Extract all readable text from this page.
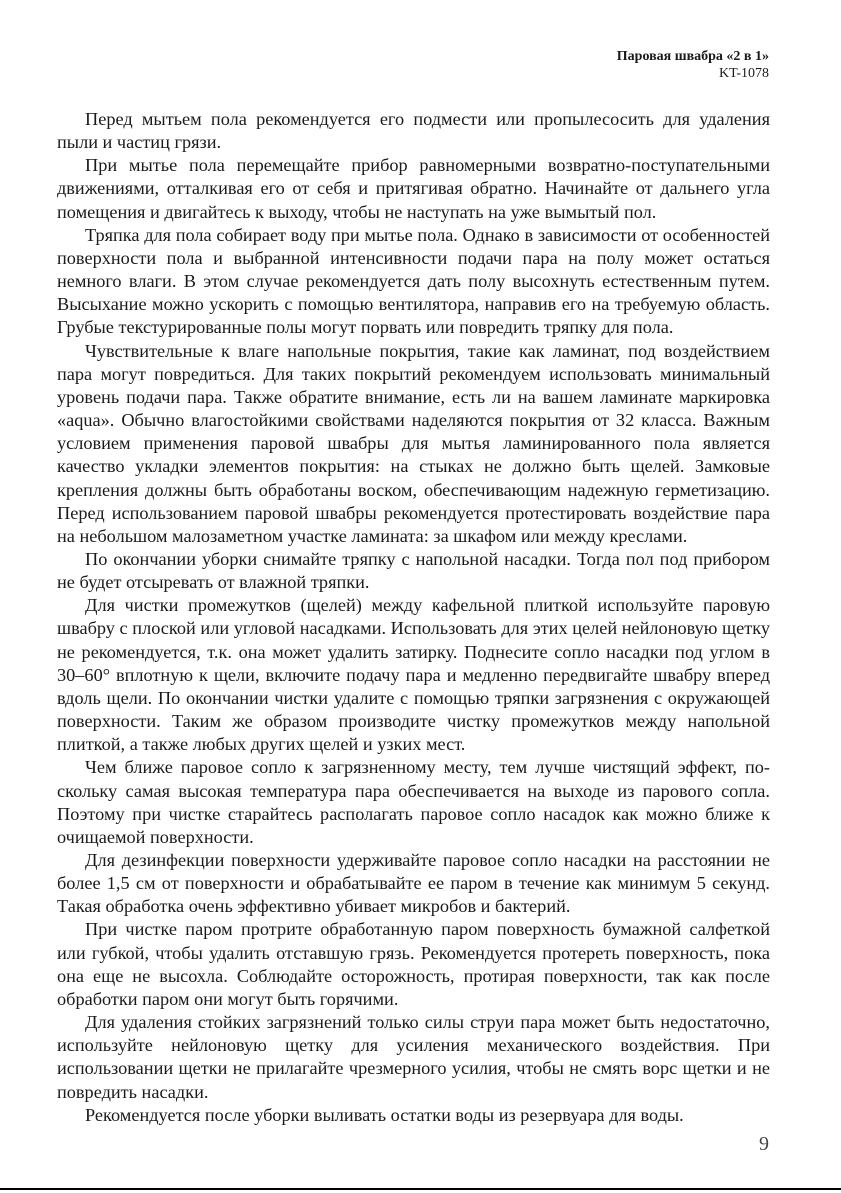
Паровая швабра «2 в 1»
KT-1078

Перед мытьем пола рекомендуется его подмести или пропылесосить для удаления пыли и частиц грязи.

При мытье пола перемещайте прибор равномерными возвратно-поступательными движениями, отталкивая его от себя и притягивая обратно. Начинайте от дальнего угла помещения и двигайтесь к выходу, чтобы не наступать на уже вымытый пол.

Тряпка для пола собирает воду при мытье пола. Однако в зависимости от особенностей поверхности пола и выбранной интенсивности подачи пара на полу может остаться немного влаги. В этом случае рекомендуется дать полу высохнуть естественным путем. Высыхание можно ускорить с помощью вентилятора, направив его на требуемую область. Грубые текстурированные полы могут порвать или повредить тряпку для пола.

Чувствительные к влаге напольные покрытия, такие как ламинат, под воздействием пара могут повредиться. Для таких покрытий рекомендуем использовать минимальный уровень подачи пара. Также обратите внимание, есть ли на вашем ламинате маркировка «aqua». Обычно влагостойкими свойствами наделяются покрытия от 32 класса. Важным условием применения паровой швабры для мытья ламинированного пола является качество укладки элементов покрытия: на стыках не должно быть щелей. Замковые крепления должны быть обработаны воском, обеспечивающим надежную герметизацию. Перед использованием паровой швабры рекомендуется протестировать воздействие пара на небольшом малозаметном участке ламината: за шкафом или между креслами.

По окончании уборки снимайте тряпку с напольной насадки. Тогда пол под прибором не будет отсыревать от влажной тряпки.

Для чистки промежутков (щелей) между кафельной плиткой используйте паровую швабру с плоской или угловой насадками. Использовать для этих целей нейлоновую щетку не рекомендуется, т.к. она может удалить затирку. Поднесите сопло насадки под углом в 30–60° вплотную к щели, включите подачу пара и медленно передвигайте швабру вперед вдоль щели. По окончании чистки удалите с помощью тряпки загрязнения с окружающей поверхности. Таким же образом производите чистку промежутков между напольной плиткой, а также любых других щелей и узких мест.

Чем ближе паровое сопло к загрязненному месту, тем лучше чистящий эффект, поскольку самая высокая температура пара обеспечивается на выходе из парового сопла. Поэтому при чистке старайтесь располагать паровое сопло насадок как можно ближе к очищаемой поверхности.

Для дезинфекции поверхности удерживайте паровое сопло насадки на расстоянии не более 1,5 см от поверхности и обрабатывайте ее паром в течение как минимум 5 секунд. Такая обработка очень эффективно убивает микробов и бактерий.

При чистке паром протрите обработанную паром поверхность бумажной салфеткой или губкой, чтобы удалить отставшую грязь. Рекомендуется протереть поверхность, пока она еще не высохла. Соблюдайте осторожность, протирая поверхности, так как после обработки паром они могут быть горячими.

Для удаления стойких загрязнений только силы струи пара может быть недостаточно, используйте нейлоновую щетку для усиления механического воздействия. При использовании щетки не прилагайте чрезмерного усилия, чтобы не смять ворс щетки и не повредить насадки.

Рекомендуется после уборки выливать остатки воды из резервуара для воды.

9
